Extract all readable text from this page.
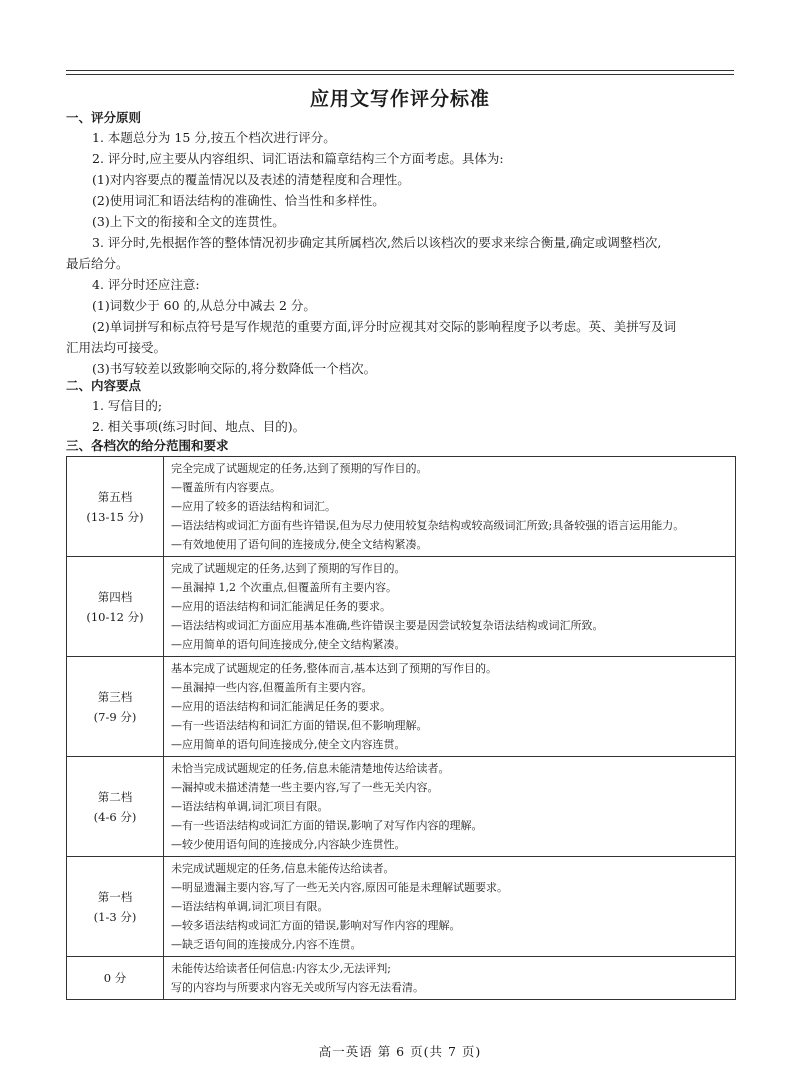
应用文写作评分标准
一、评分原则
1. 本题总分为 15 分,按五个档次进行评分。
2. 评分时,应主要从内容组织、词汇语法和篇章结构三个方面考虑。具体为:
(1)对内容要点的覆盖情况以及表述的清楚程度和合理性。
(2)使用词汇和语法结构的准确性、恰当性和多样性。
(3)上下文的衔接和全文的连贯性。
3. 评分时,先根据作答的整体情况初步确定其所属档次,然后以该档次的要求来综合衡量,确定或调整档次,
最后给分。
4. 评分时还应注意:
(1)词数少于 60 的,从总分中减去 2 分。
(2)单词拼写和标点符号是写作规范的重要方面,评分时应视其对交际的影响程度予以考虑。英、美拼写及词
汇用法均可接受。
(3)书写较差以致影响交际的,将分数降低一个档次。
二、内容要点
1. 写信目的;
2. 相关事项(练习时间、地点、目的)。
三、各档次的给分范围和要求
第五档
(13-15 分)
完全完成了试题规定的任务,达到了预期的写作目的。
—覆盖所有内容要点。
—应用了较多的语法结构和词汇。
—语法结构或词汇方面有些许错误,但为尽力使用较复杂结构或较高级词汇所致;具备较强的语言运用能力。
—有效地使用了语句间的连接成分,使全文结构紧凑。
第四档
(10-12 分)
完成了试题规定的任务,达到了预期的写作目的。
—虽漏掉 1,2 个次重点,但覆盖所有主要内容。
—应用的语法结构和词汇能满足任务的要求。
—语法结构或词汇方面应用基本准确,些许错误主要是因尝试较复杂语法结构或词汇所致。
—应用简单的语句间连接成分,使全文结构紧凑。
第三档
(7-9 分)
基本完成了试题规定的任务,整体而言,基本达到了预期的写作目的。
—虽漏掉一些内容,但覆盖所有主要内容。
—应用的语法结构和词汇能满足任务的要求。
—有一些语法结构和词汇方面的错误,但不影响理解。
—应用简单的语句间连接成分,使全文内容连贯。
第二档
(4-6 分)
未恰当完成试题规定的任务,信息未能清楚地传达给读者。
—漏掉或未描述清楚一些主要内容,写了一些无关内容。
—语法结构单调,词汇项目有限。
—有一些语法结构或词汇方面的错误,影响了对写作内容的理解。
—较少使用语句间的连接成分,内容缺少连贯性。
第一档
(1-3 分)
未完成试题规定的任务,信息未能传达给读者。
—明显遗漏主要内容,写了一些无关内容,原因可能是未理解试题要求。
—语法结构单调,词汇项目有限。
—较多语法结构或词汇方面的错误,影响对写作内容的理解。
—缺乏语句间的连接成分,内容不连贯。
0 分
未能传达给读者任何信息:内容太少,无法评判;
写的内容均与所要求内容无关或所写内容无法看清。
高一英语 第 6 页(共 7 页)
